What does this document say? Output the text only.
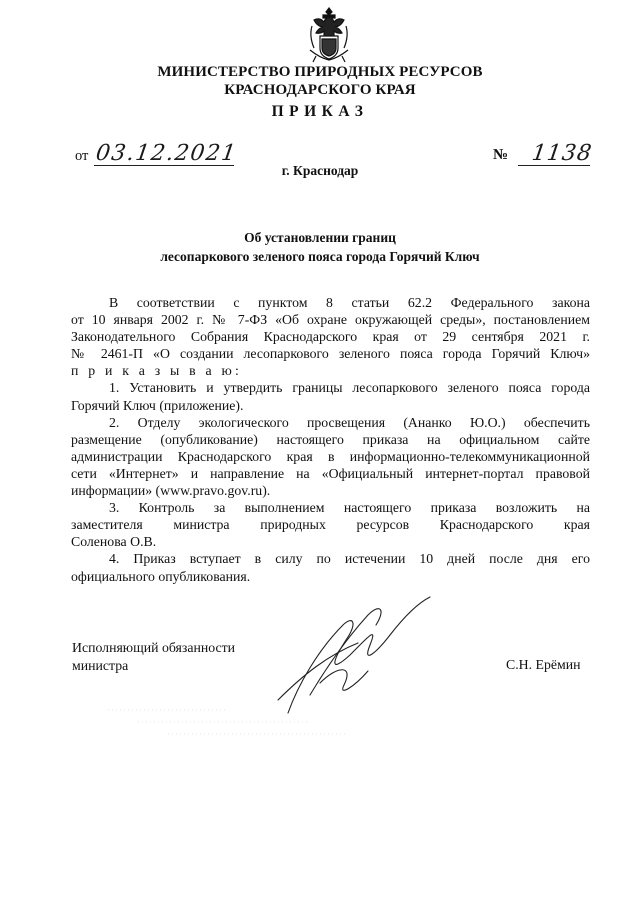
МИНИСТЕРСТВО ПРИРОДНЫХ РЕСУРСОВ
КРАСНОДАРСКОГО КРАЯ
ПРИКАЗ
от 03.12.2021	№ 1138
г. Краснодар
Об установлении границ
лесопаркового зеленого пояса города Горячий Ключ
В соответствии с пунктом 8 статьи 62.2 Федерального закона
от 10 января 2002 г. № 7-ФЗ «Об охране окружающей среды», постановлением
Законодательного Собрания Краснодарского края от 29 сентября 2021 г.
№ 2461-П «О создании лесопаркового зеленого пояса города Горячий Ключ»
п р и к а з ы в а ю:
1. Установить и утвердить границы лесопаркового зеленого пояса города
Горячий Ключ (приложение).
2. Отделу экологического просвещения (Ананко Ю.О.) обеспечить
размещение (опубликование) настоящего приказа на официальном сайте
администрации Краснодарского края в информационно-телекоммуникационной
сети «Интернет» и направление на «Официальный интернет-портал правовой
информации» (www.pravo.gov.ru).
3. Контроль за выполнением настоящего приказа возложить на
заместителя министра природных ресурсов Краснодарского края
Соленова О.В.
4. Приказ вступает в силу по истечении 10 дней после дня его
официального опубликования.
Исполняющий обязанности
министра	С.Н. Ерёмин
